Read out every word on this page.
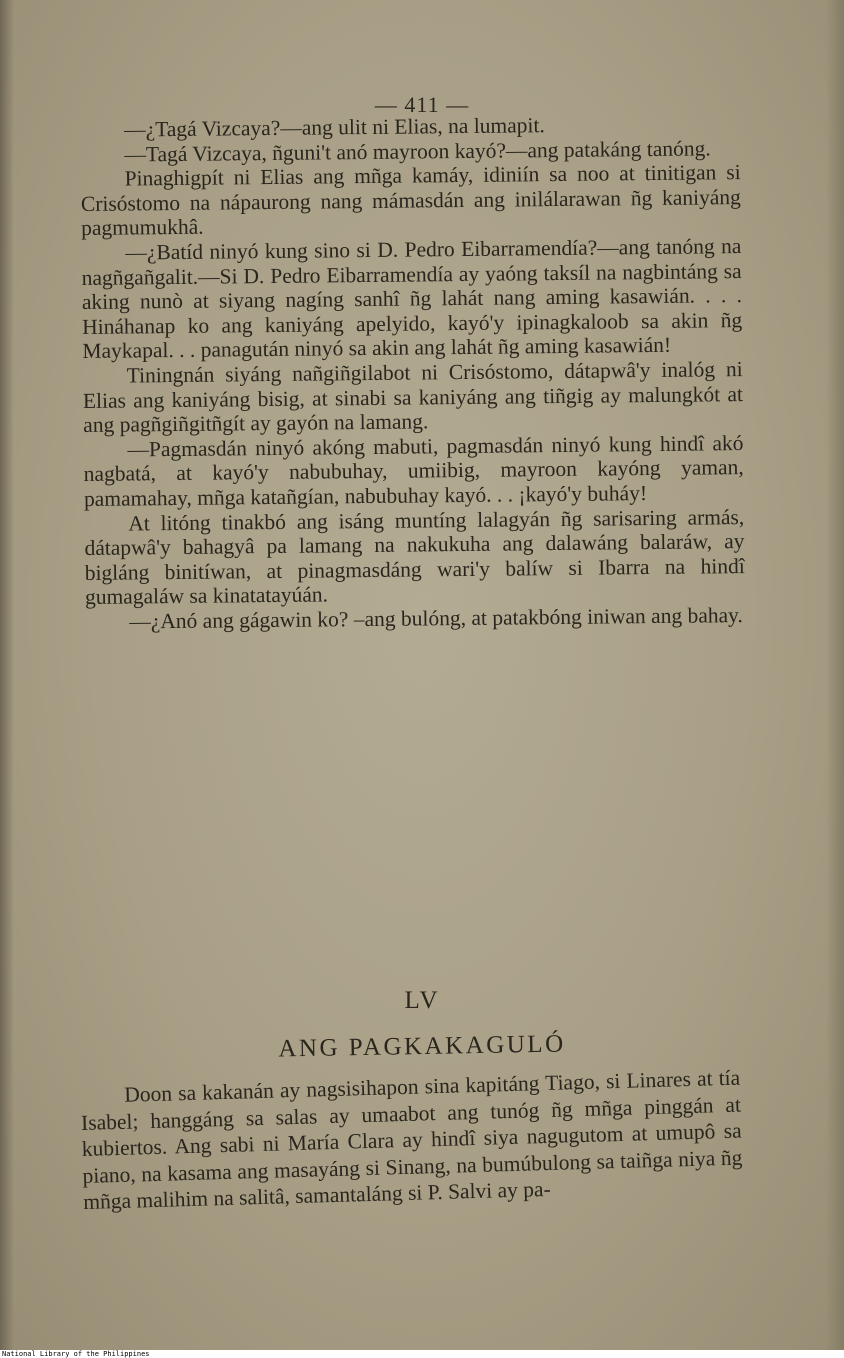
— 411 —

—¿Tagá Vizcaya?—ang ulit ni Elias, na lumapit.

—Tagá Vizcaya, ñguni't anó mayroon kayó?—ang patakáng tanóng.

Pinaghigpít ni Elias ang mñga kamáy, idiniín sa noo at tinitigan si Crisóstomo na nápaurong nang mámasdán ang inilálarawan ñg kaniyáng pagmumukhâ.

—¿Batíd ninyó kung sino si D. Pedro Eibarramendía?—ang tanóng na nagñgañgalit.—Si D. Pedro Eibarramendía ay yaóng taksíl na nagbintáng sa aking nunò at siyang nagíng sanhî ñg lahát nang aming kasawián. . . . Hináhanap ko ang kaniyáng apelyido, kayó'y ipinagkaloob sa akin ñg Maykapal. . . panagután ninyó sa akin ang lahát ñg aming kasawián!

Tiningnán siyáng nañgiñgilabot ni Crisóstomo, dátapwâ'y inalóg ni Elias ang kaniyáng bisig, at sinabi sa kaniyáng ang tiñgig ay malungkót at ang pagñgiñgitñgít ay gayón na lamang.

—Pagmasdán ninyó akóng mabuti, pagmasdán ninyó kung hindî akó nagbatá, at kayó'y nabubuhay, umiibig, mayroon kayóng yaman, pamamahay, mñga katañgían, nabubuhay kayó. . . ¡kayó'y buháy!

At litóng tinakbó ang isáng muntíng lalagyán ñg sarisaring armás, dátapwâ'y bahagyâ pa lamang na nakukuha ang dalawáng balaráw, ay bigláng binitíwan, at pinagmasdáng wari'y balíw si Ibarra na hindî gumagaláw sa kinatatayúán.

—¿Anó ang gágawin ko? –ang bulóng, at patakbóng iniwan ang bahay.

LV
ANG PAGKAKAGULÓ

Doon sa kakanán ay nagsisihapon sina kapitáng Tiago, si Linares at tía Isabel; hanggáng sa salas ay umaabot ang tunóg ñg mñga pinggán at kubiertos. Ang sabi ni María Clara ay hindî siya nagugutom at umupô sa piano, na kasama ang masayáng si Sinang, na bumúbulong sa taiñga niya ñg mñga malihim na salitâ, samantaláng si P. Salvi ay pa-

National Library of the Philippines
